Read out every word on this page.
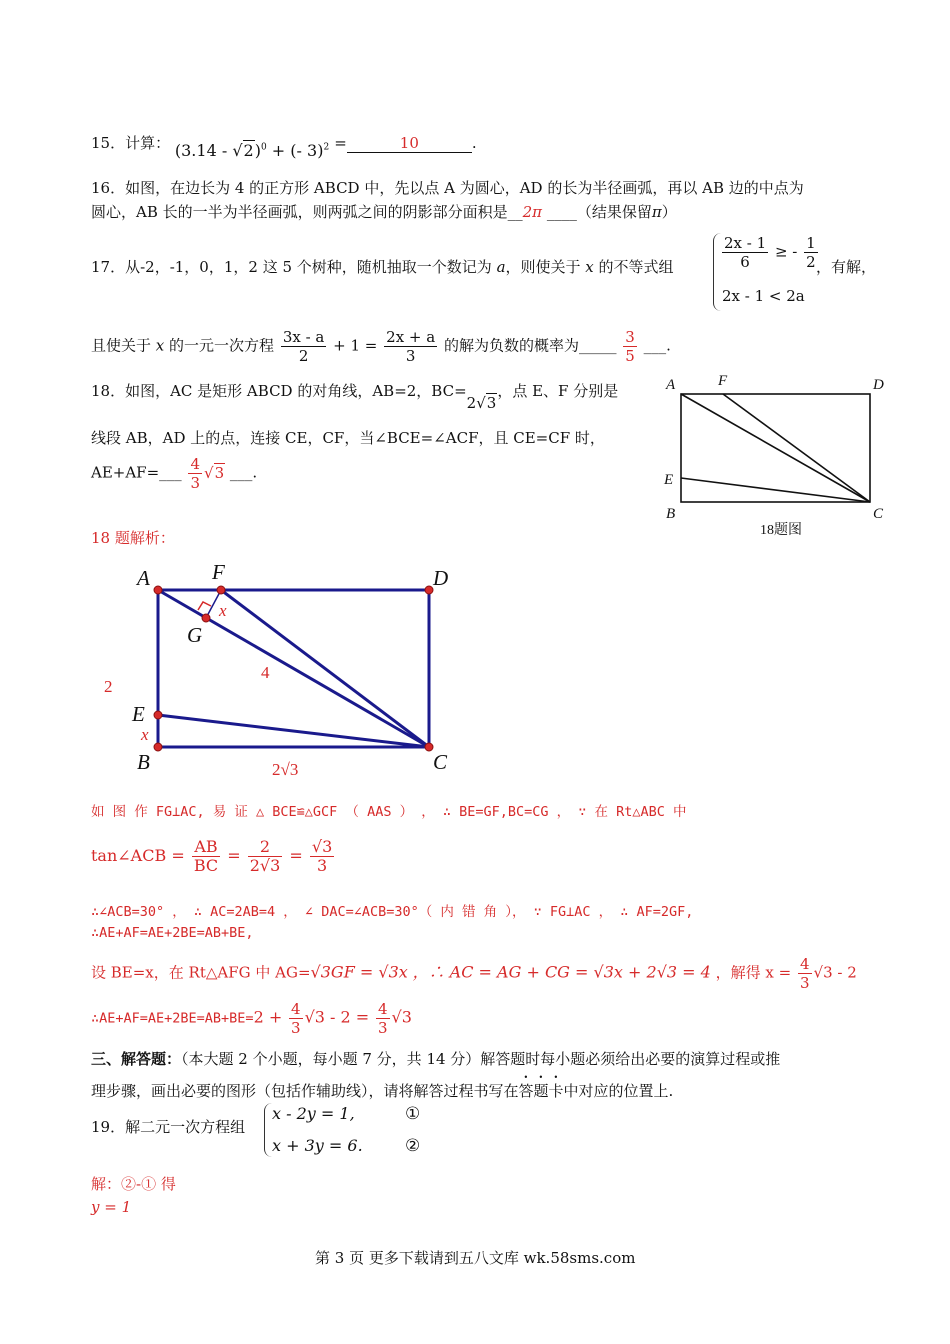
15．计算： (3.14 - √2)$^0$ + (- 3)$^2$ =	10	.
16．如图，在边长为 4 的正方形 ABCD 中，先以点 A 为圆心，AD 的长为半径画弧，再以 AB 边的中点为
圆心，AB 长的一半为半径画弧，则两弧之间的阴影部分面积是__2π ____（结果保留π）
17．从-2，-1，0，1，2 这 5 个树种，随机抽取一个数记为 a，则使关于 x 的不等式组	$\frac{2x - 1}{6}$ ≥ - $\frac{1}{2}$
2x - 1 < 2a
，有解，
且使关于 x 的一元一次方程 $\frac{3x - a}{2} + 1 = \frac{2x + a}{3}$ 的解为负数的概率为_____ $\frac{3}{5}$ ___.
18．如图，AC 是矩形 ABCD 的对角线，AB=2，BC=2√3，点 E、F 分别是
线段 AB，AD 上的点，连接 CE，CF，当∠BCE=∠ACF，且 CE=CF 时，
AE+AF=___ $\frac{4}{3} √3$ ___.
A	F	D
E
B	C
18题图
18 题解析：
A	F	D
G
E
B	C
x
x
4
2
2√3
如 图 作 FG⊥AC, 易 证 △ BCE≌△GCF （ AAS ） ， ∴ BE=GF,BC=CG ， ∵ 在 Rt△ABC 中
tan∠ACB = $\frac{AB}{BC} = \frac{2}{2√3} = \frac{√3}{3}$
∴∠ACB=30° ， ∴ AC=2AB=4 ， ∠ DAC=∠ACB=30°（ 内 错 角 ）， ∵ FG⊥AC ， ∴ AF=2GF,
∴AE+AF=AE+2BE=AB+BE,
设 BE=x，在 Rt△AFG 中 AG=√3GF = √3x ，∴ AC = AG + CG = √3x + 2√3 = 4 ，解得 $x = \frac{4}{3} √3 - 2$
∴AE+AF=AE+2BE=AB+BE=2 + $\frac{4}{3} √3 - 2 = \frac{4}{3} √3$
三、解答题：（本大题 2 个小题，每小题 7 分，共 14 分）解答题时每小题必须给出必要的演算过程或推
理步骤，画出必要的图形（包括作辅助线），请将解答过程书写在答题卡中对应的位置上.
19．解二元一次方程组
x - 2y = 1,	①
x + 3y = 6. ②
解：②-① 得
y = 1
第 3 页 更多下载请到五八文库 wk.58sms.com
